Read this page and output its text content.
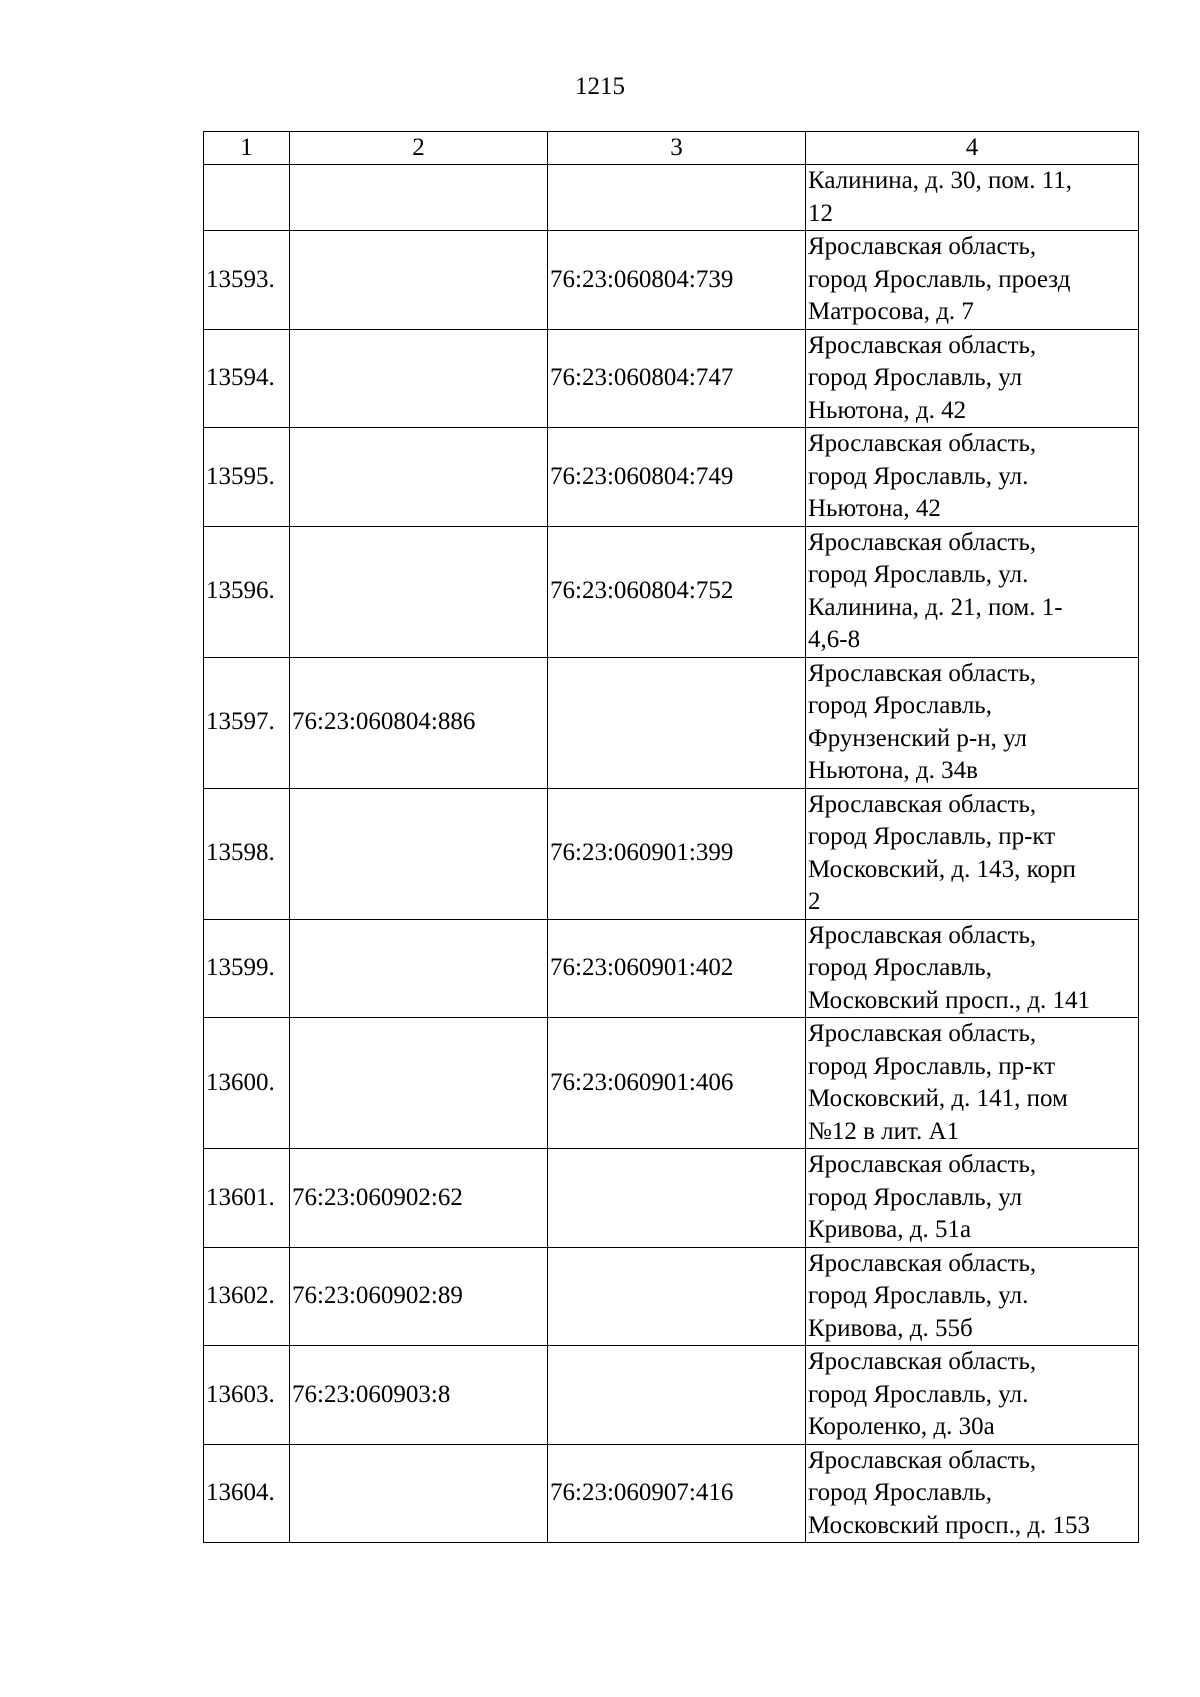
1215
1	2	3	4
			Калинина, д. 30, пом. 11,
12
13593.		76:23:060804:739	Ярославская область,
город Ярославль, проезд
Матросова, д. 7
13594.		76:23:060804:747	Ярославская область,
город Ярославль, ул
Ньютона, д. 42
13595.		76:23:060804:749	Ярославская область,
город Ярославль, ул.
Ньютона, 42
13596.		76:23:060804:752	Ярославская область,
город Ярославль, ул.
Калинина, д. 21, пом. 1-
4,6-8
13597.	76:23:060804:886		Ярославская область,
город Ярославль,
Фрунзенский р-н, ул
Ньютона, д. 34в
13598.		76:23:060901:399	Ярославская область,
город Ярославль, пр-кт
Московский, д. 143, корп
2
13599.		76:23:060901:402	Ярославская область,
город Ярославль,
Московский просп., д. 141
13600.		76:23:060901:406	Ярославская область,
город Ярославль, пр-кт
Московский, д. 141, пом
№12 в лит. А1
13601.	76:23:060902:62		Ярославская область,
город Ярославль, ул
Кривова, д. 51а
13602.	76:23:060902:89		Ярославская область,
город Ярославль, ул.
Кривова, д. 55б
13603.	76:23:060903:8		Ярославская область,
город Ярославль, ул.
Короленко, д. 30а
13604.		76:23:060907:416	Ярославская область,
город Ярославль,
Московский просп., д. 153
